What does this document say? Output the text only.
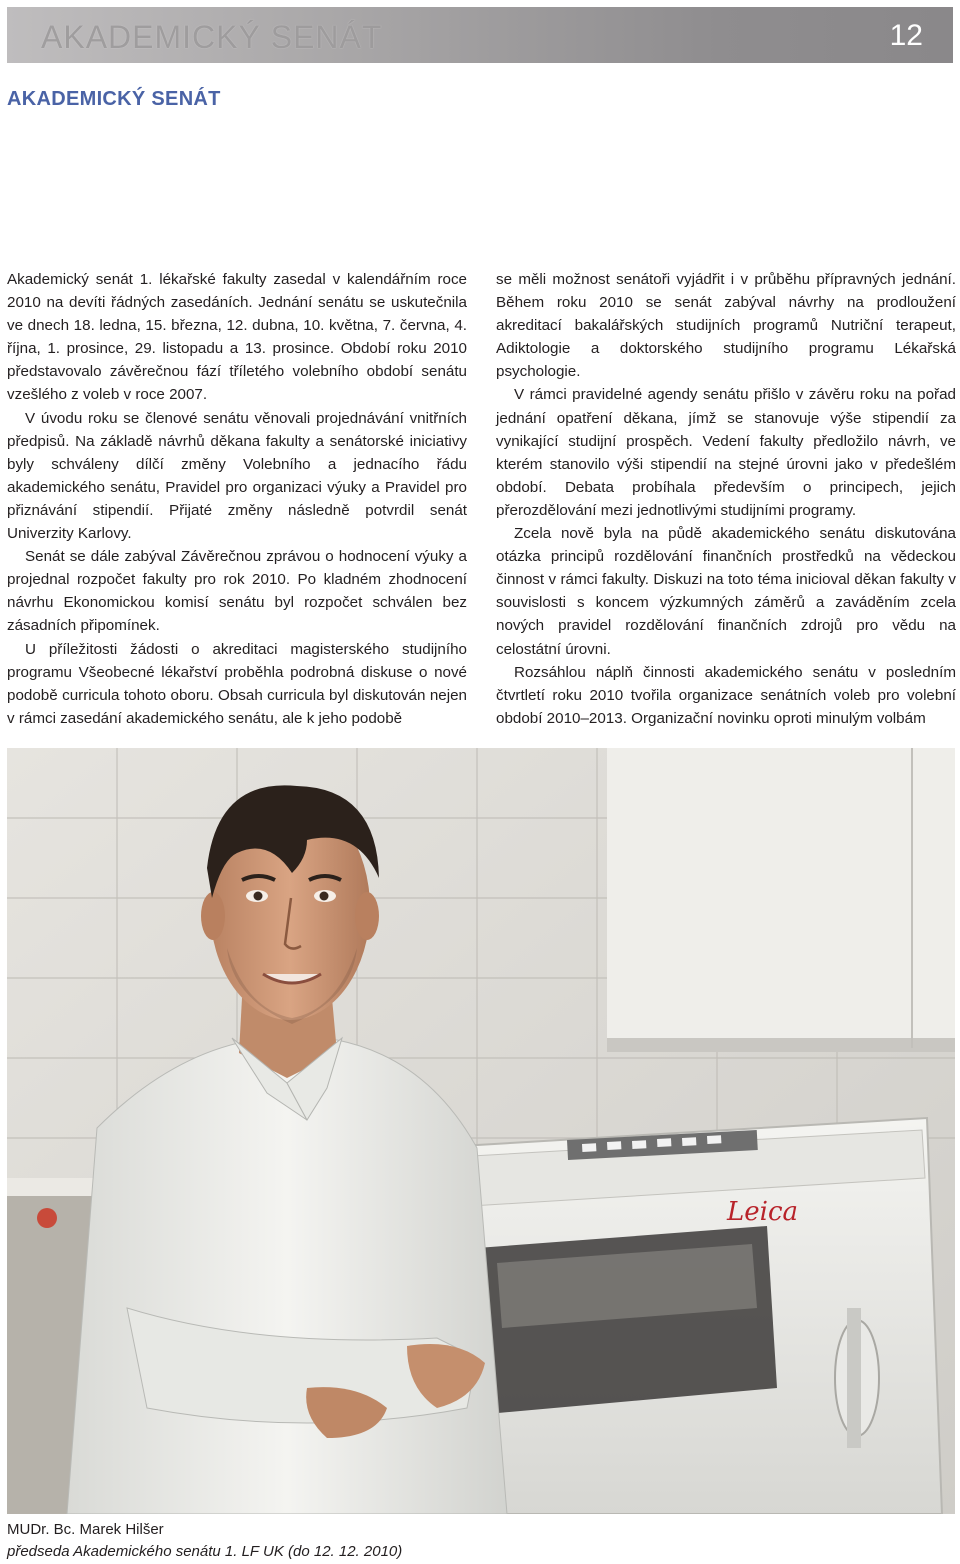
AKADEMICKÝ SENÁT	12
AKADEMICKÝ SENÁT

Akademický senát 1. lékařské fakulty zasedal v kalendářním roce 2010 na devíti řádných zasedáních. Jednání senátu se uskutečnila ve dnech 18. ledna, 15. března, 12. dubna, 10. května, 7. června, 4. října, 1. prosince, 29. listopadu a 13. prosince. Období roku 2010 představovalo závěrečnou fází tříletého volebního období senátu vzešlého z voleb v roce 2007.

V úvodu roku se členové senátu věnovali projednávání vnitřních předpisů. Na základě návrhů děkana fakulty a senátorské iniciativy byly schváleny dílčí změny Volebního a jednacího řádu akademického senátu, Pravidel pro organizaci výuky a Pravidel pro přiznávání stipendií. Přijaté změny následně potvrdil senát Univerzity Karlovy.

Senát se dále zabýval Závěrečnou zprávou o hodnocení výuky a projednal rozpočet fakulty pro rok 2010. Po kladném zhodnocení návrhu Ekonomickou komisí senátu byl rozpočet schválen bez zásadních připomínek.

U příležitosti žádosti o akreditaci magisterského studijního programu Všeobecné lékařství proběhla podrobná diskuse o nové podobě curricula tohoto oboru. Obsah curricula byl diskutován nejen v rámci zasedání akademického senátu, ale k jeho podobě

se měli možnost senátoři vyjádřit i v průběhu přípravných jednání. Během roku 2010 se senát zabýval návrhy na prodloužení akreditací bakalářských studijních programů Nutriční terapeut, Adiktologie a doktorského studijního programu Lékařská psychologie.

V rámci pravidelné agendy senátu přišlo v závěru roku na pořad jednání opatření děkana, jímž se stanovuje výše stipendií za vynikající studijní prospěch. Vedení fakulty předložilo návrh, ve kterém stanovilo výši stipendií na stejné úrovni jako v předešlém období. Debata probíhala především o principech, jejich přerozdělování mezi jednotlivými studijními programy.

Zcela nově byla na půdě akademického senátu diskutována otázka principů rozdělování finančních prostředků na vědeckou činnost v rámci fakulty. Diskuzi na toto téma inicioval děkan fakulty v souvislosti s koncem výzkumných záměrů a zaváděním zcela nových pravidel rozdělování finančních zdrojů pro vědu na celostátní úrovni.

Rozsáhlou náplň činnosti akademického senátu v posledním čtvrtletí roku 2010 tvořila organizace senátních voleb pro volební období 2010–2013. Organizační novinku oproti minulým volbám

Leica
MUDr. Bc. Marek Hilšer
předseda Akademického senátu 1. LF UK (do 12. 12. 2010)
